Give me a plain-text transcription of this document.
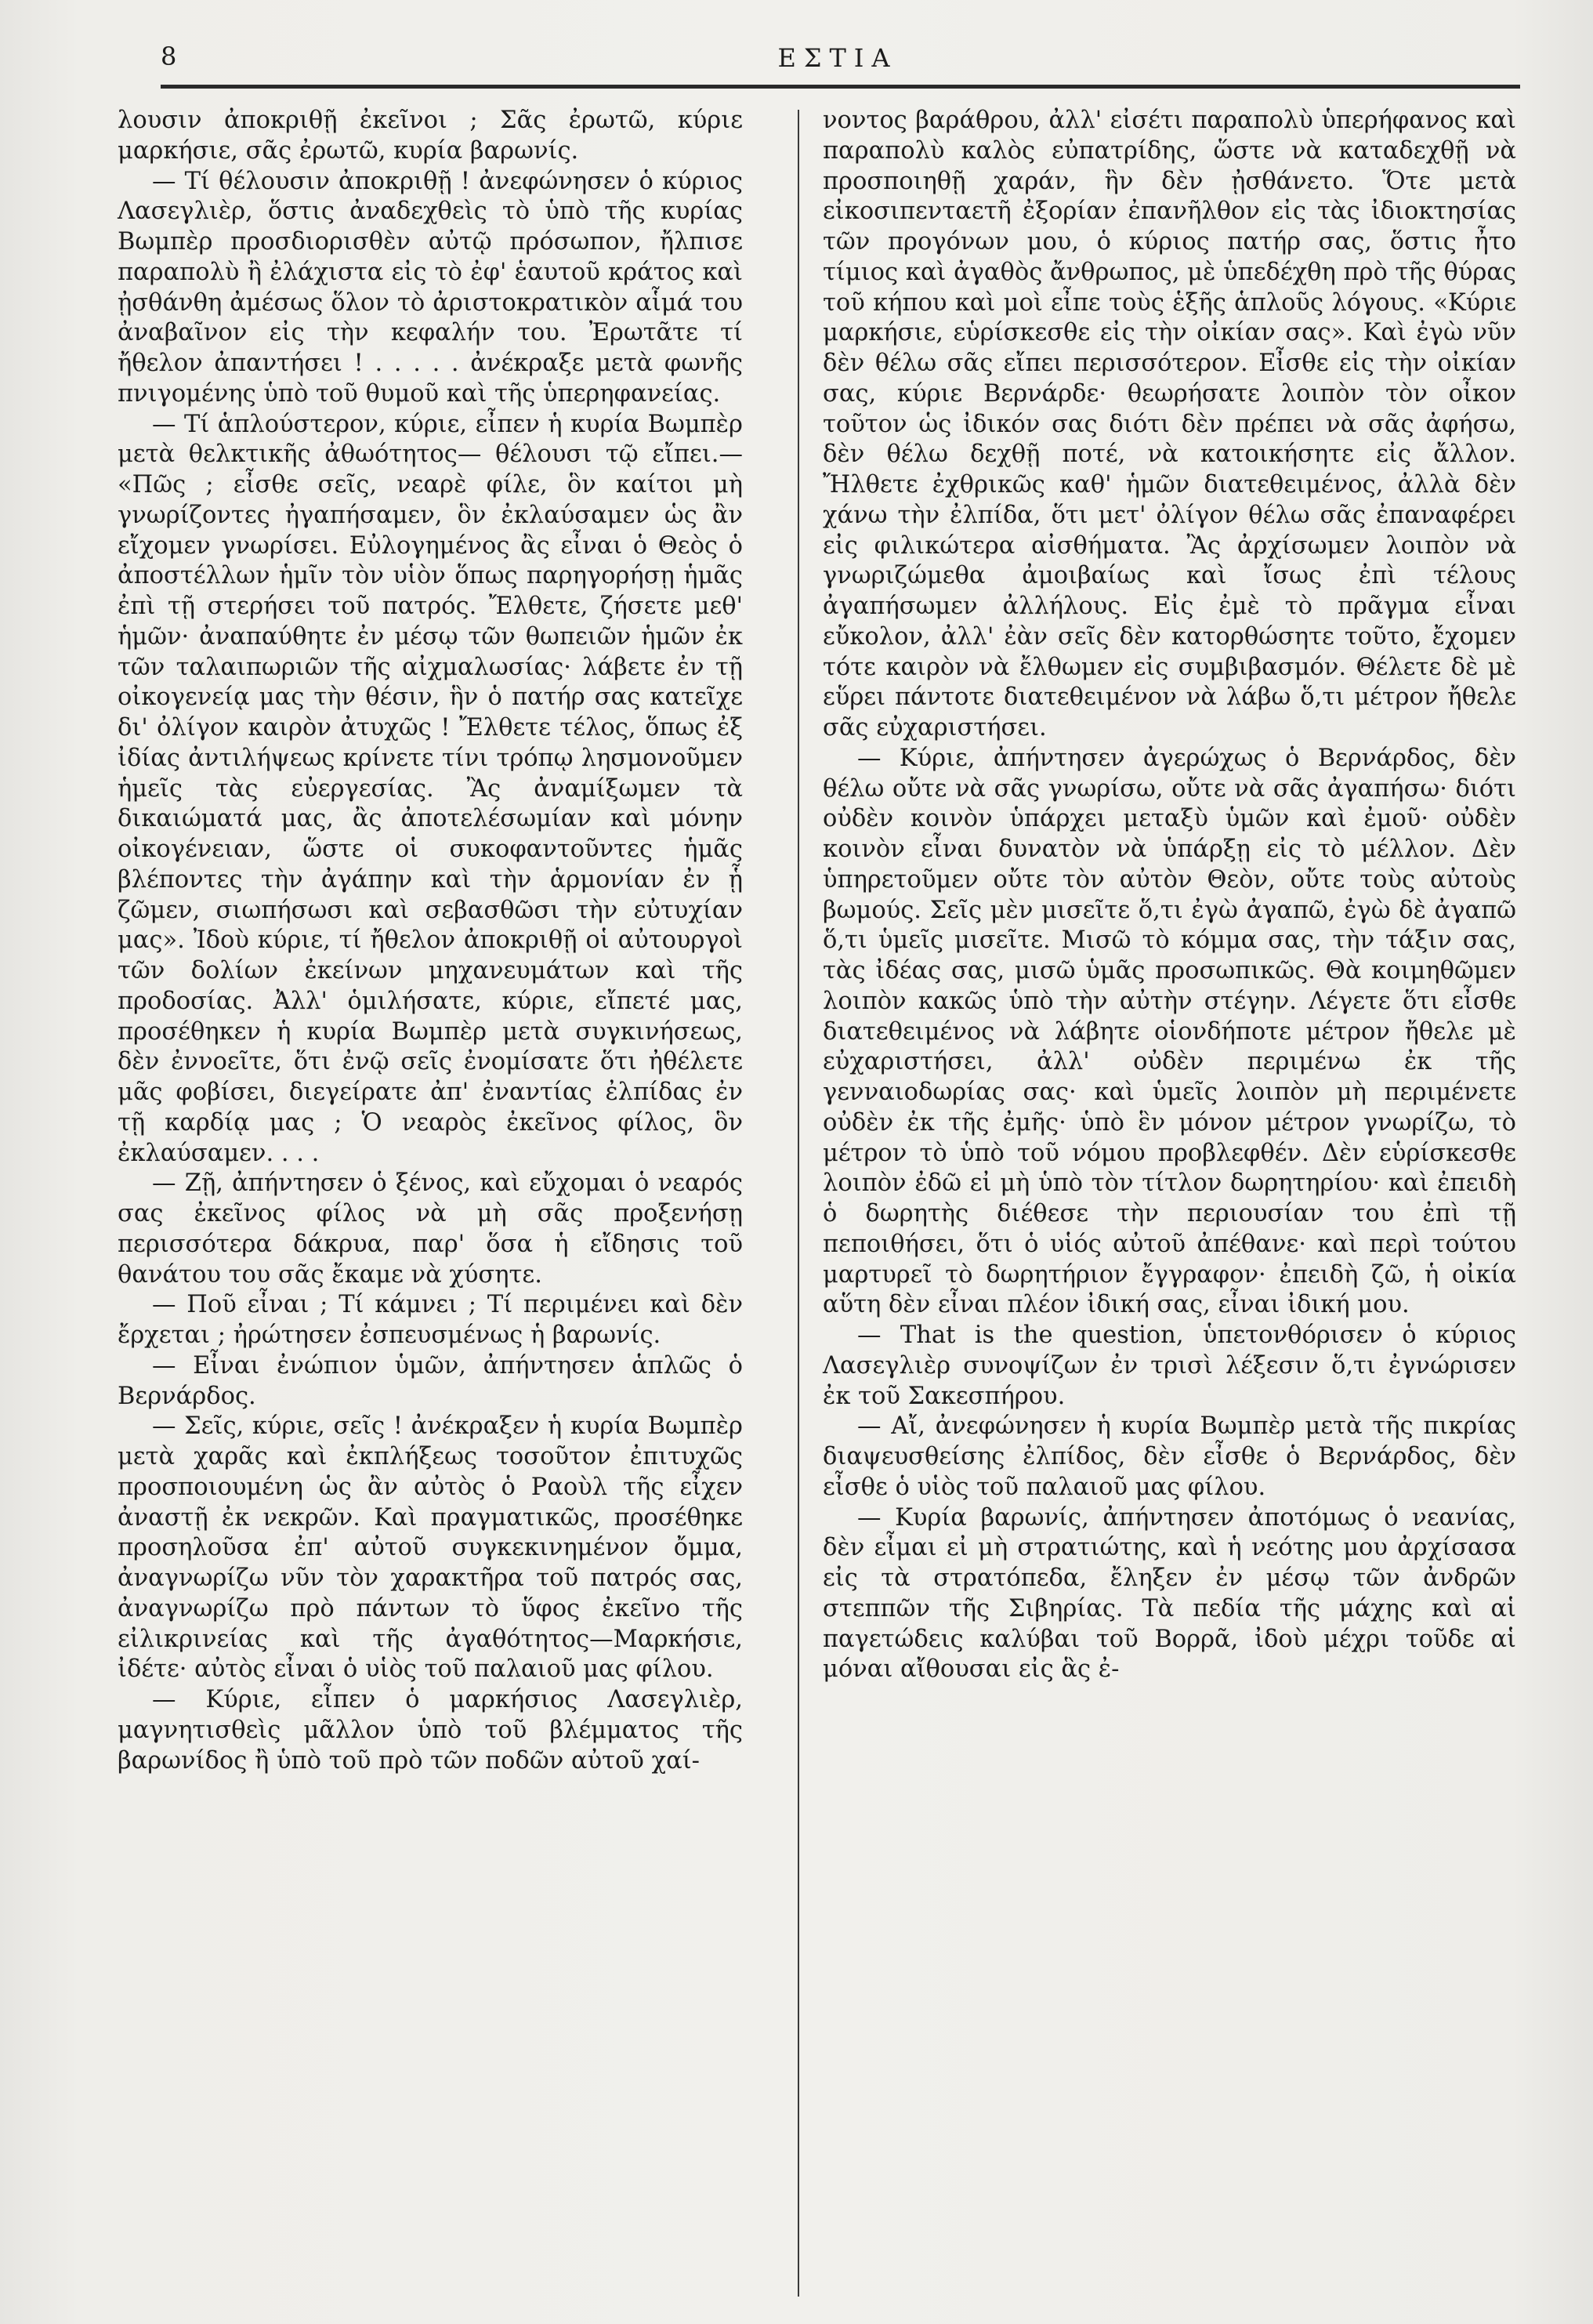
8	ΕΣΤΙΑ

λουσιν ἀποκριθῇ ἐκεῖνοι ; Σᾶς ἐρωτῶ, κύριε μαρκήσιε, σᾶς ἐρωτῶ, κυρία βαρωνίς.

— Τί θέλουσιν ἀποκριθῇ ! ἀνεφώνησεν ὁ κύριος Λασεγλιὲρ, ὅστις ἀναδεχθεὶς τὸ ὑπὸ τῆς κυρίας Βωμπὲρ προσδιορισθὲν αὐτῷ πρόσωπον, ἤλπισε παραπολὺ ἢ ἐλάχιστα εἰς τὸ ἐφ' ἑαυτοῦ κράτος καὶ ᾐσθάνθη ἀμέσως ὅλον τὸ ἀριστοκρατικὸν αἷμά του ἀναβαῖνον εἰς τὴν κεφαλήν του. Ἐρωτᾶτε τί ἤθελον ἀπαντήσει ! . . . . . ἀνέκραξε μετὰ φωνῆς πνιγομένης ὑπὸ τοῦ θυμοῦ καὶ τῆς ὑπερηφανείας.

— Τί ἁπλούστερον, κύριε, εἶπεν ἡ κυρία Βωμπὲρ μετὰ θελκτικῆς ἀθωότητος— θέλουσι τῷ εἴπει.— «Πῶς ; εἶσθε σεῖς, νεαρὲ φίλε, ὃν καίτοι μὴ γνωρίζοντες ἠγαπήσαμεν, ὃν ἐκλαύσαμεν ὡς ἂν εἴχομεν γνωρίσει. Εὐλογημένος ἂς εἶναι ὁ Θεὸς ὁ ἀποστέλλων ἡμῖν τὸν υἱὸν ὅπως παρηγορήσῃ ἡμᾶς ἐπὶ τῇ στερήσει τοῦ πατρός. Ἔλθετε, ζήσετε μεθ' ἡμῶν· ἀναπαύθητε ἐν μέσῳ τῶν θωπειῶν ἡμῶν ἐκ τῶν ταλαιπωριῶν τῆς αἰχμαλωσίας· λάβετε ἐν τῇ οἰκογενείᾳ μας τὴν θέσιν, ἣν ὁ πατήρ σας κατεῖχε δι' ὀλίγον καιρὸν ἀτυχῶς ! Ἔλθετε τέλος, ὅπως ἐξ ἰδίας ἀντιλήψεως κρίνετε τίνι τρόπῳ λησμονοῦμεν ἡμεῖς τὰς εὐεργεσίας. Ἂς ἀναμίξωμεν τὰ δικαιώματά μας, ἂς ἀποτελέσωμίαν καὶ μόνην οἰκογένειαν, ὥστε οἱ συκοφαντοῦντες ἡμᾶς βλέποντες τὴν ἀγάπην καὶ τὴν ἁρμονίαν ἐν ᾗ ζῶμεν, σιωπήσωσι καὶ σεβασθῶσι τὴν εὐτυχίαν μας». Ἰδοὺ κύριε, τί ἤθελον ἀποκριθῇ οἱ αὐτουργοὶ τῶν δολίων ἐκείνων μηχανευμάτων καὶ τῆς προδοσίας. Ἀλλ' ὁμιλήσατε, κύριε, εἴπετέ μας, προσέθηκεν ἡ κυρία Βωμπὲρ μετὰ συγκινήσεως, δὲν ἐννοεῖτε, ὅτι ἐνῷ σεῖς ἐνομίσατε ὅτι ἠθέλετε μᾶς φοβίσει, διεγείρατε ἀπ' ἐναντίας ἐλπίδας ἐν τῇ καρδίᾳ μας ; Ὁ νεαρὸς ἐκεῖνος φίλος, ὃν ἐκλαύσαμεν. . . .

— Ζῇ, ἀπήντησεν ὁ ξένος, καὶ εὔχομαι ὁ νεαρός σας ἐκεῖνος φίλος νὰ μὴ σᾶς προξενήσῃ περισσότερα δάκρυα, παρ' ὅσα ἡ εἴδησις τοῦ θανάτου του σᾶς ἔκαμε νὰ χύσητε.

— Ποῦ εἶναι ; Τί κάμνει ; Τί περιμένει καὶ δὲν ἔρχεται ; ἠρώτησεν ἐσπευσμένως ἡ βαρωνίς.

— Εἶναι ἐνώπιον ὑμῶν, ἀπήντησεν ἁπλῶς ὁ Βερνάρδος.

— Σεῖς, κύριε, σεῖς ! ἀνέκραξεν ἡ κυρία Βωμπὲρ μετὰ χαρᾶς καὶ ἐκπλήξεως τοσοῦτον ἐπιτυχῶς προσποιουμένη ὡς ἂν αὐτὸς ὁ Ραοὺλ τῆς εἶχεν ἀναστῇ ἐκ νεκρῶν. Καὶ πραγματικῶς, προσέθηκε προσηλοῦσα ἐπ' αὐτοῦ συγκεκινημένον ὄμμα, ἀναγνωρίζω νῦν τὸν χαρακτῆρα τοῦ πατρός σας, ἀναγνωρίζω πρὸ πάντων τὸ ὕφος ἐκεῖνο τῆς εἰλικρινείας καὶ τῆς ἀγαθότητος—Μαρκήσιε, ἰδέτε· αὐτὸς εἶναι ὁ υἱὸς τοῦ παλαιοῦ μας φίλου.

— Κύριε, εἶπεν ὁ μαρκήσιος Λασεγλιὲρ, μαγνητισθεὶς μᾶλλον ὑπὸ τοῦ βλέμματος τῆς βαρωνίδος ἢ ὑπὸ τοῦ πρὸ τῶν ποδῶν αὐτοῦ χαί-

νοντος βαράθρου, ἀλλ' εἰσέτι παραπολὺ ὑπερήφανος καὶ παραπολὺ καλὸς εὐπατρίδης, ὥστε νὰ καταδεχθῇ νὰ προσποιηθῇ χαράν, ἣν δὲν ᾐσθάνετο. Ὅτε μετὰ εἰκοσιπενταετῆ ἐξορίαν ἐπανῆλθον εἰς τὰς ἰδιοκτησίας τῶν προγόνων μου, ὁ κύριος πατήρ σας, ὅστις ἦτο τίμιος καὶ ἀγαθὸς ἄνθρωπος, μὲ ὑπεδέχθη πρὸ τῆς θύρας τοῦ κήπου καὶ μοὶ εἶπε τοὺς ἑξῆς ἁπλοῦς λόγους. «Κύριε μαρκήσιε, εὑρίσκεσθε εἰς τὴν οἰκίαν σας». Καὶ ἐγὼ νῦν δὲν θέλω σᾶς εἴπει περισσότερον. Εἶσθε εἰς τὴν οἰκίαν σας, κύριε Βερνάρδε· θεωρήσατε λοιπὸν τὸν οἶκον τοῦτον ὡς ἰδικόν σας διότι δὲν πρέπει νὰ σᾶς ἀφήσω, δὲν θέλω δεχθῇ ποτέ, νὰ κατοικήσητε εἰς ἄλλον. Ἤλθετε ἐχθρικῶς καθ' ἡμῶν διατεθειμένος, ἀλλὰ δὲν χάνω τὴν ἐλπίδα, ὅτι μετ' ὀλίγον θέλω σᾶς ἐπαναφέρει εἰς φιλικώτερα αἰσθήματα. Ἂς ἀρχίσωμεν λοιπὸν νὰ γνωριζώμεθα ἀμοιβαίως καὶ ἴσως ἐπὶ τέλους ἀγαπήσωμεν ἀλλήλους. Εἰς ἐμὲ τὸ πρᾶγμα εἶναι εὔκολον, ἀλλ' ἐὰν σεῖς δὲν κατορθώσητε τοῦτο, ἔχομεν τότε καιρὸν νὰ ἔλθωμεν εἰς συμβιβασμόν. Θέλετε δὲ μὲ εὕρει πάντοτε διατεθειμένον νὰ λάβω ὅ,τι μέτρον ἤθελε σᾶς εὐχαριστήσει.

— Κύριε, ἀπήντησεν ἀγερώχως ὁ Βερνάρδος, δὲν θέλω οὔτε νὰ σᾶς γνωρίσω, οὔτε νὰ σᾶς ἀγαπήσω· διότι οὐδὲν κοινὸν ὑπάρχει μεταξὺ ὑμῶν καὶ ἐμοῦ· οὐδὲν κοινὸν εἶναι δυνατὸν νὰ ὑπάρξῃ εἰς τὸ μέλλον. Δὲν ὑπηρετοῦμεν οὔτε τὸν αὐτὸν Θεὸν, οὔτε τοὺς αὐτοὺς βωμούς. Σεῖς μὲν μισεῖτε ὅ,τι ἐγὼ ἀγαπῶ, ἐγὼ δὲ ἀγαπῶ ὅ,τι ὑμεῖς μισεῖτε. Μισῶ τὸ κόμμα σας, τὴν τάξιν σας, τὰς ἰδέας σας, μισῶ ὑμᾶς προσωπικῶς. Θὰ κοιμηθῶμεν λοιπὸν κακῶς ὑπὸ τὴν αὐτὴν στέγην. Λέγετε ὅτι εἶσθε διατεθειμένος νὰ λάβητε οἱονδήποτε μέτρον ἤθελε μὲ εὐχαριστήσει, ἀλλ' οὐδὲν περιμένω ἐκ τῆς γενναιοδωρίας σας· καὶ ὑμεῖς λοιπὸν μὴ περιμένετε οὐδὲν ἐκ τῆς ἐμῆς· ὑπὸ ἓν μόνον μέτρον γνωρίζω, τὸ μέτρον τὸ ὑπὸ τοῦ νόμου προβλεφθέν. Δὲν εὑρίσκεσθε λοιπὸν ἐδῶ εἰ μὴ ὑπὸ τὸν τίτλον δωρητηρίου· καὶ ἐπειδὴ ὁ δωρητὴς διέθεσε τὴν περιουσίαν του ἐπὶ τῇ πεποιθήσει, ὅτι ὁ υἱός αὐτοῦ ἀπέθανε· καὶ περὶ τούτου μαρτυρεῖ τὸ δωρητήριον ἔγγραφον· ἐπειδὴ ζῶ, ἡ οἰκία αὕτη δὲν εἶναι πλέον ἰδική σας, εἶναι ἰδική μου.

— That is the question, ὑπετονθόρισεν ὁ κύριος Λασεγλιὲρ συνοψίζων ἐν τρισὶ λέξεσιν ὅ,τι ἐγνώρισεν ἐκ τοῦ Σακεσπήρου.

— Αἴ, ἀνεφώνησεν ἡ κυρία Βωμπὲρ μετὰ τῆς πικρίας διαψευσθείσης ἐλπίδος, δὲν εἶσθε ὁ Βερνάρδος, δὲν εἶσθε ὁ υἱὸς τοῦ παλαιοῦ μας φίλου.

— Κυρία βαρωνίς, ἀπήντησεν ἀποτόμως ὁ νεανίας, δὲν εἶμαι εἰ μὴ στρατιώτης, καὶ ἡ νεότης μου ἀρχίσασα εἰς τὰ στρατόπεδα, ἔληξεν ἐν μέσῳ τῶν ἀνδρῶν στεππῶν τῆς Σιβηρίας. Τὰ πεδία τῆς μάχης καὶ αἱ παγετώδεις καλύβαι τοῦ Βορρᾶ, ἰδοὺ μέχρι τοῦδε αἱ μόναι αἴθουσαι εἰς ἃς ἐ-
